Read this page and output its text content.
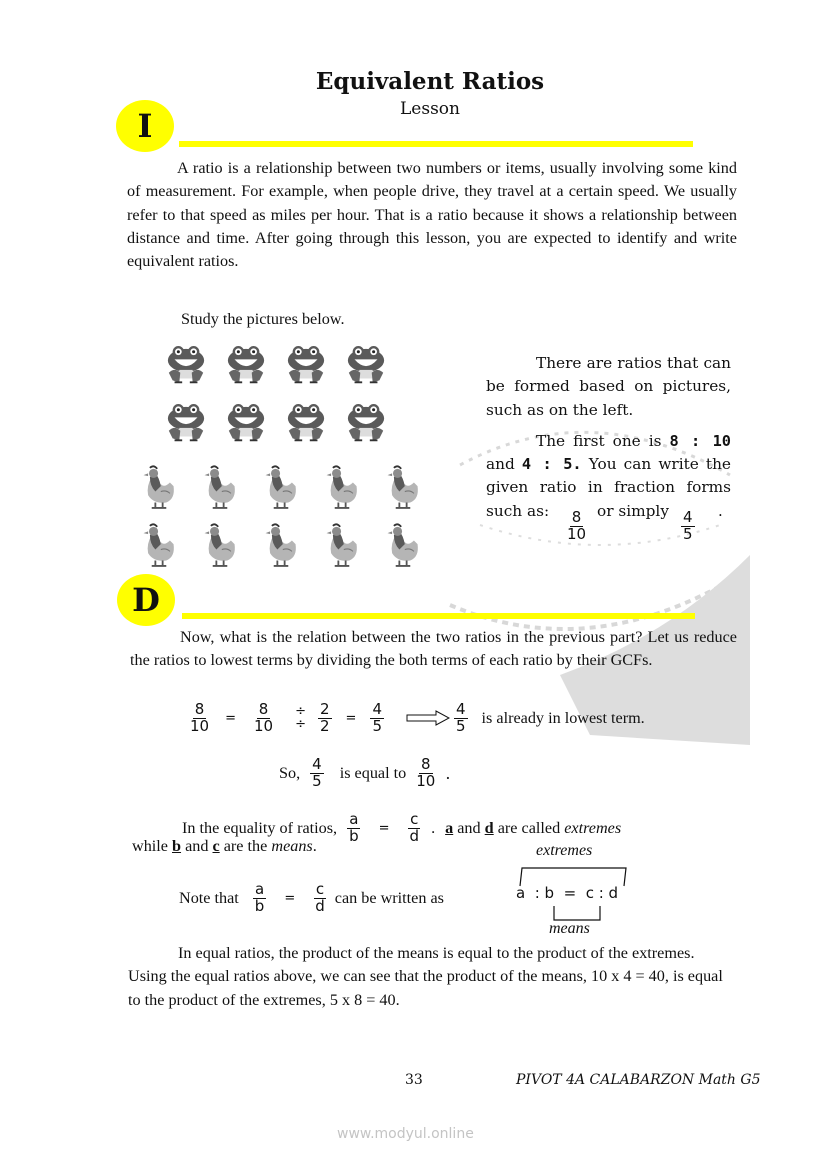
Equivalent Ratios
Lesson
I

A ratio is a relationship between two numbers or items, usually involving some kind of measurement. For example, when people drive, they travel at a certain speed. We usually refer to that speed as miles per hour. That is a ratio because it shows a relationship between distance and time. After going through this lesson, you are expected to identify and write equivalent ratios.

Study the pictures below.

There are ratios that can be formed based on pictures, such as on the left.

The first one is 8 : 10 and 4 : 5. You can write the given ratio in fraction forms such as:	$\frac{8}{10}$ or simply $\frac{4}{5}$ .
D

Now, what is the relation between the two ratios in the previous part? Let us reduce the ratios to lowest terms by dividing the both terms of each ratio by their GCFs.

$\frac{8}{10} = \frac{8}{10}$ ÷
÷ $\frac{2}{2} = \frac{4}{5}$	$\frac{4}{5}$ is already in lowest term.
So, $\frac{4}{5}$ is equal to $\frac{8}{10}$ .
In the equality of ratios, $\frac{a}{b} = \frac{c}{d}$ . a and d are called extremes
while b and c are the means.
Note that $\frac{a}{b} = \frac{c}{d}$ can be written as
extremes
a  : b  =  c : d
means

In equal ratios, the product of the means is equal to the product of the extremes. Using the equal ratios above, we can see that the product of the means, 10 x 4 = 40, is equal to the product of the extremes, 5 x 8 = 40.

33	PIVOT 4A CALABARZON Math G5
www.modyul.online
